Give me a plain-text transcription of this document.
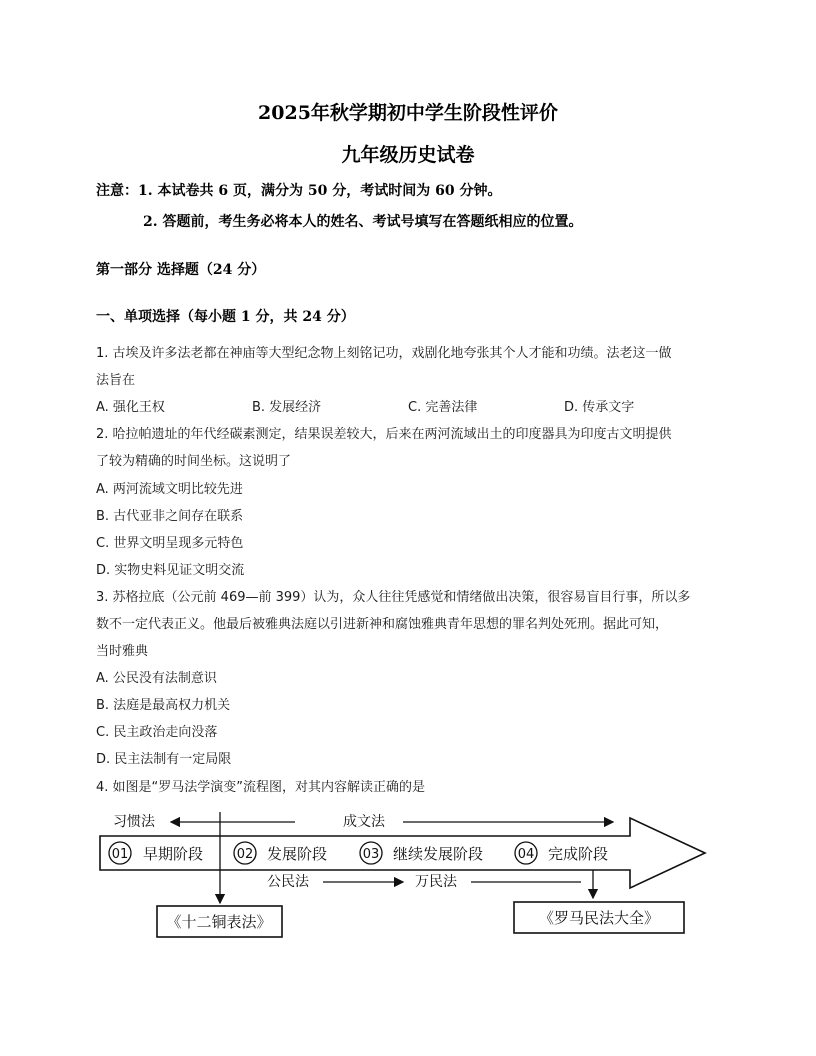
2025年秋学期初中学生阶段性评价
九年级历史试卷
注意：1. 本试卷共 6 页，满分为 50 分，考试时间为 60 分钟。
2. 答题前，考生务必将本人的姓名、考试号填写在答题纸相应的位置。
第一部分 选择题（24 分）
一、单项选择（每小题 1 分，共 24 分）
1. 古埃及许多法老都在神庙等大型纪念物上刻铭记功，戏剧化地夸张其个人才能和功绩。法老这一做
法旨在
A. 强化王权	B. 发展经济	C. 完善法律	D. 传承文字
2. 哈拉帕遗址的年代经碳素测定，结果误差较大，后来在两河流域出土的印度器具为印度古文明提供
了较为精确的时间坐标。这说明了
A. 两河流域文明比较先进
B. 古代亚非之间存在联系
C. 世界文明呈现多元特色
D. 实物史料见证文明交流
3. 苏格拉底（公元前 469—前 399）认为，众人往往凭感觉和情绪做出决策，很容易盲目行事，所以多
数不一定代表正义。他最后被雅典法庭以引进新神和腐蚀雅典青年思想的罪名判处死刑。据此可知，
当时雅典
A. 公民没有法制意识
B. 法庭是最高权力机关
C. 民主政治走向没落
D. 民主法制有一定局限
4. 如图是“罗马法学演变”流程图，对其内容解读正确的是
习惯法	成文法
01 早期阶段	02 发展阶段	03 继续发展阶段	04 完成阶段
公民法	万民法
《十二铜表法》	《罗马民法大全》
